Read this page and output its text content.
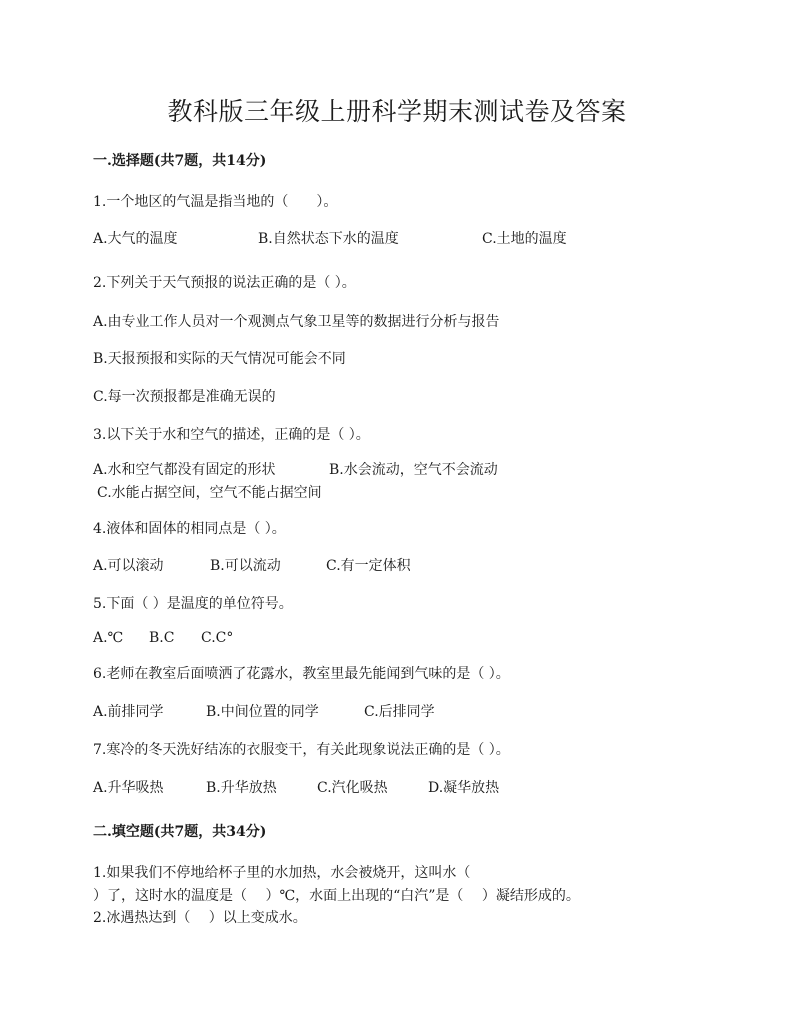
教科版三年级上册科学期末测试卷及答案
一.选择题(共7题，共14分)
1.一个地区的气温是指当地的（　　）。
A.大气的温度	B.自然状态下水的温度	C.土地的温度
2.下列关于天气预报的说法正确的是（ ）。
A.由专业工作人员对一个观测点气象卫星等的数据进行分析与报告
B.天报预报和实际的天气情况可能会不同
C.每一次预报都是准确无误的
3.以下关于水和空气的描述，正确的是（ ）。
A.水和空气都没有固定的形状	B.水会流动，空气不会流动
C.水能占据空间，空气不能占据空间
4.液体和固体的相同点是（ ）。
A.可以滚动	B.可以流动	C.有一定体积
5.下面（ ）是温度的单位符号。
A.℃ B.C C.C°
6.老师在教室后面喷洒了花露水，教室里最先能闻到气味的是（ ）。
A.前排同学	B.中间位置的同学	C.后排同学
7.寒冷的冬天洗好结冻的衣服变干，有关此现象说法正确的是（ ）。
A.升华吸热	B.升华放热	C.汽化吸热	D.凝华放热
二.填空题(共7题，共34分)
1.如果我们不停地给杯子里的水加热，水会被烧开，这叫水（
）了，这时水的温度是（　 ）℃，水面上出现的“白汽”是（　 ）凝结形成的。
2.冰遇热达到（　 ）以上变成水。
